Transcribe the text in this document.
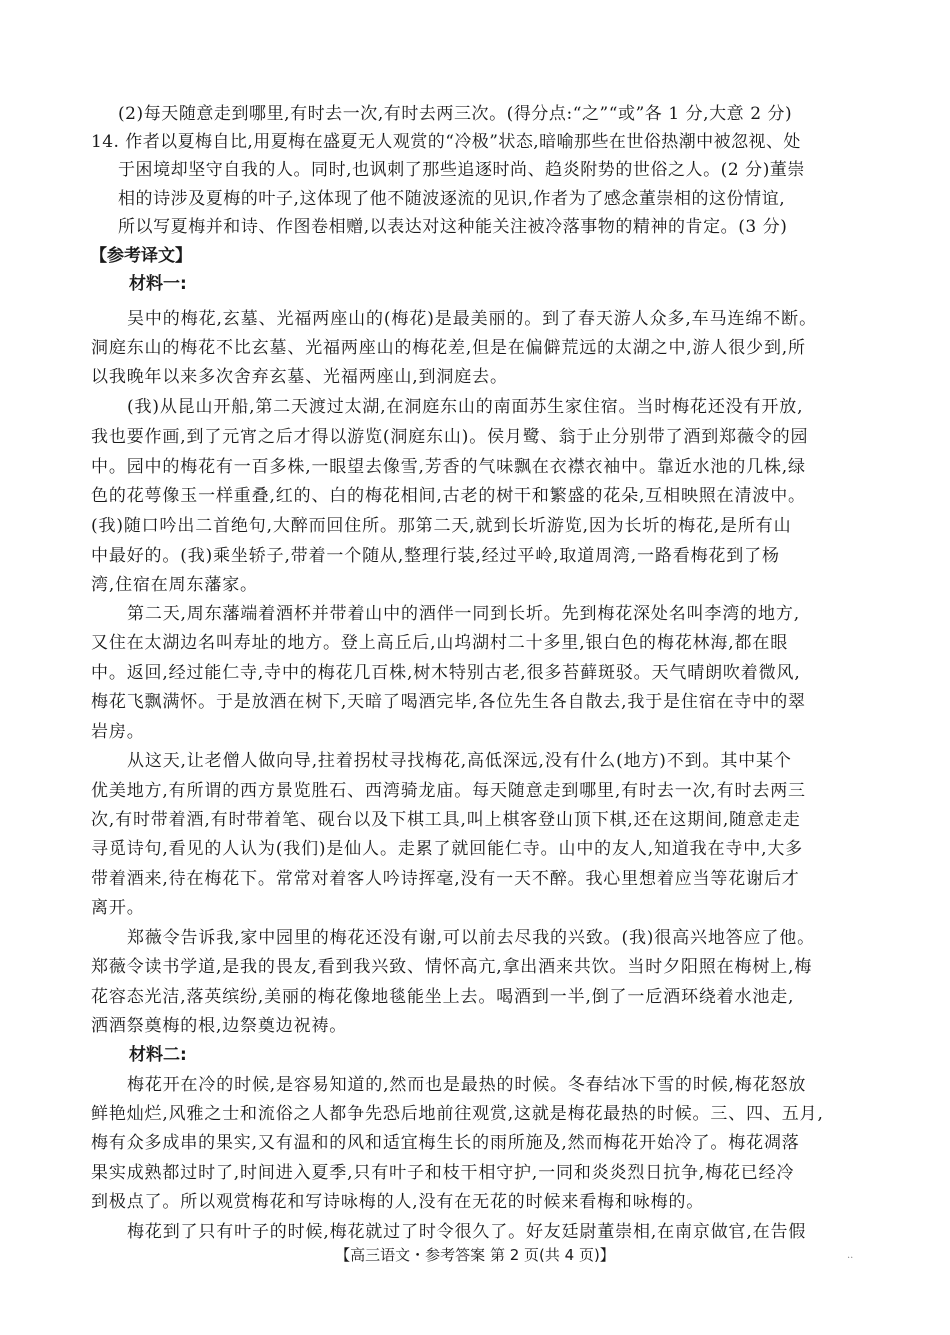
(2)每天随意走到哪里,有时去一次,有时去两三次。(得分点:“之”“或”各 1 分,大意 2 分)
14. 作者以夏梅自比,用夏梅在盛夏无人观赏的“冷极”状态,暗喻那些在世俗热潮中被忽视、处
于困境却坚守自我的人。同时,也讽刺了那些追逐时尚、趋炎附势的世俗之人。(2 分)董崇
相的诗涉及夏梅的叶子,这体现了他不随波逐流的见识,作者为了感念董崇相的这份情谊,
所以写夏梅并和诗、作图卷相赠,以表达对这种能关注被冷落事物的精神的肯定。(3 分)
【参考译文】
材料一:
吴中的梅花,玄墓、光福两座山的(梅花)是最美丽的。到了春天游人众多,车马连绵不断。
洞庭东山的梅花不比玄墓、光福两座山的梅花差,但是在偏僻荒远的太湖之中,游人很少到,所
以我晚年以来多次舍弃玄墓、光福两座山,到洞庭去。
(我)从昆山开船,第二天渡过太湖,在洞庭东山的南面苏生家住宿。当时梅花还没有开放,
我也要作画,到了元宵之后才得以游览(洞庭东山)。侯月鹭、翁于止分别带了酒到郑薇令的园
中。园中的梅花有一百多株,一眼望去像雪,芳香的气味飘在衣襟衣袖中。靠近水池的几株,绿
色的花萼像玉一样重叠,红的、白的梅花相间,古老的树干和繁盛的花朵,互相映照在清波中。
(我)随口吟出二首绝句,大醉而回住所。那第二天,就到长圻游览,因为长圻的梅花,是所有山
中最好的。(我)乘坐轿子,带着一个随从,整理行装,经过平岭,取道周湾,一路看梅花到了杨
湾,住宿在周东藩家。
第二天,周东藩端着酒杯并带着山中的酒伴一同到长圻。先到梅花深处名叫李湾的地方,
又住在太湖边名叫寿址的地方。登上高丘后,山坞湖村二十多里,银白色的梅花林海,都在眼
中。返回,经过能仁寺,寺中的梅花几百株,树木特别古老,很多苔藓斑驳。天气晴朗吹着微风,
梅花飞飘满怀。于是放酒在树下,天暗了喝酒完毕,各位先生各自散去,我于是住宿在寺中的翠
岩房。
从这天,让老僧人做向导,拄着拐杖寻找梅花,高低深远,没有什么(地方)不到。其中某个
优美地方,有所谓的西方景览胜石、西湾骑龙庙。每天随意走到哪里,有时去一次,有时去两三
次,有时带着酒,有时带着笔、砚台以及下棋工具,叫上棋客登山顶下棋,还在这期间,随意走走
寻觅诗句,看见的人认为(我们)是仙人。走累了就回能仁寺。山中的友人,知道我在寺中,大多
带着酒来,待在梅花下。常常对着客人吟诗挥毫,没有一天不醉。我心里想着应当等花谢后才
离开。
郑薇令告诉我,家中园里的梅花还没有谢,可以前去尽我的兴致。(我)很高兴地答应了他。
郑薇令读书学道,是我的畏友,看到我兴致、情怀高亢,拿出酒来共饮。当时夕阳照在梅树上,梅
花容态光洁,落英缤纷,美丽的梅花像地毯能坐上去。喝酒到一半,倒了一卮酒环绕着水池走,
洒酒祭奠梅的根,边祭奠边祝祷。
材料二:
梅花开在冷的时候,是容易知道的,然而也是最热的时候。冬春结冰下雪的时候,梅花怒放
鲜艳灿烂,风雅之士和流俗之人都争先恐后地前往观赏,这就是梅花最热的时候。三、四、五月,
梅有众多成串的果实,又有温和的风和适宜梅生长的雨所施及,然而梅花开始冷了。梅花凋落
果实成熟都过时了,时间进入夏季,只有叶子和枝干相守护,一同和炎炎烈日抗争,梅花已经冷
到极点了。所以观赏梅花和写诗咏梅的人,没有在无花的时候来看梅和咏梅的。
梅花到了只有叶子的时候,梅花就过了时令很久了。好友廷尉董崇相,在南京做官,在告假
【高三语文・参考答案 第 2 页(共 4 页)】	..
